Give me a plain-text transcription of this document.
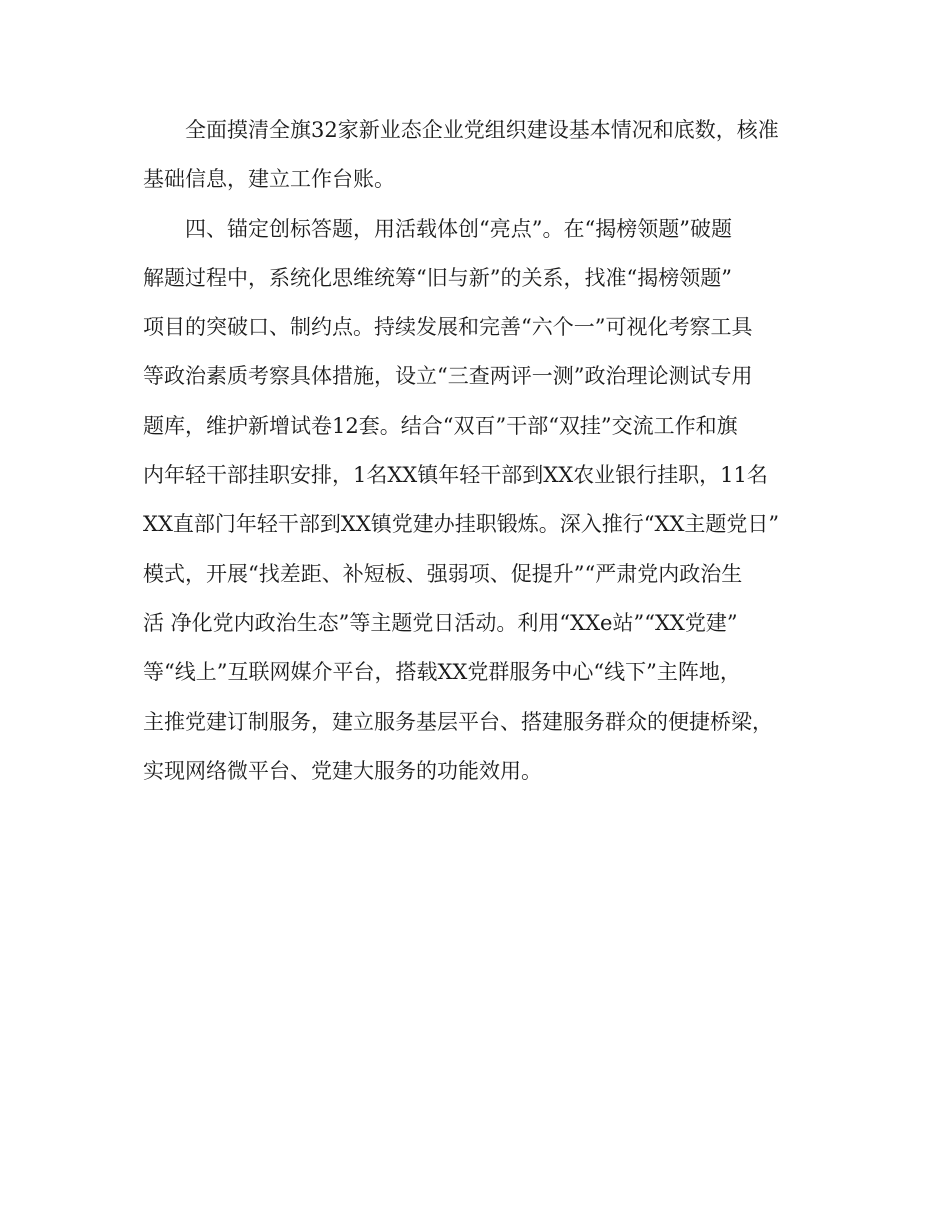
全面摸清全旗32家新业态企业党组织建设基本情况和底数，核准
基础信息，建立工作台账。
四、锚定创标答题，用活载体创“亮点”。在“揭榜领题”破题
解题过程中，系统化思维统筹“旧与新”的关系，找准“揭榜领题”
项目的突破口、制约点。持续发展和完善“六个一”可视化考察工具
等政治素质考察具体措施，设立“三查两评一测”政治理论测试专用
题库，维护新增试卷12套。结合“双百”干部“双挂”交流工作和旗
内年轻干部挂职安排，1名XX镇年轻干部到XX农业银行挂职，11名
XX直部门年轻干部到XX镇党建办挂职锻炼。深入推行“XX主题党日”
模式，开展“找差距、补短板、强弱项、促提升”“严肃党内政治生
活 净化党内政治生态”等主题党日活动。利用“XXe站”“XX党建”
等“线上”互联网媒介平台，搭载XX党群服务中心“线下”主阵地，
主推党建订制服务，建立服务基层平台、搭建服务群众的便捷桥梁，
实现网络微平台、党建大服务的功能效用。
